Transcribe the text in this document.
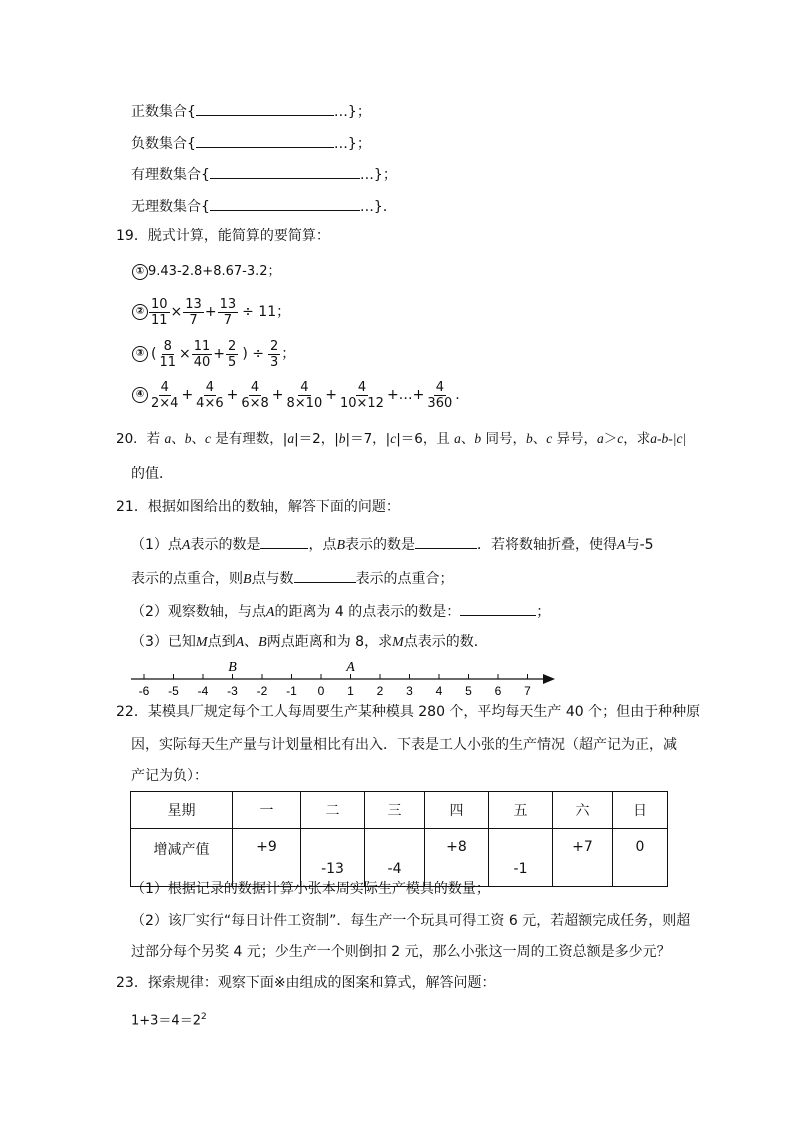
正数集合{	…}；
负数集合{	…}；
有理数集合{	…}；
无理数集合{	…}．
19．脱式计算，能简算的要简算：
① 9.43-2.8+8.67-3.2；
② $\frac{10}{11} \times \frac{13}{7} + \frac{13}{7} \div 11$；
③ ( $\frac{8}{11} \times \frac{11}{40} + \frac{2}{5}$ ) ÷ $\frac{2}{3}$ ；
④ $\frac{4}{2\times 4} + \frac{4}{4\times 6} + \frac{4}{6\times 8} + \frac{4}{8\times 10} + \frac{4}{10\times 12}$ +…+ $\frac{4}{360}$ .
20．若 a、b、c 是有理数，|a|＝2，|b|＝7，|c|＝6，且 a、b 同号，b、c 异号，a＞c，求a-b-|c|
的值．
21．根据如图给出的数轴，解答下面的问题：
（1）点A表示的数是	，点B表示的数是	．若将数轴折叠，使得A与-5
表示的点重合，则B点与数	表示的点重合；
（2）观察数轴，与点A的距离为 4 的点表示的数是：	；
（3）已知M点到A、B两点距离和为 8，求M点表示的数．
-6 -5 -4 -3 -2 -1 0 1 2 3 4 5 6 7
B	A
22．某模具厂规定每个工人每周要生产某种模具 280 个，平均每天生产 40 个；但由于种种原
因，实际每天生产量与计划量相比有出入．下表是工人小张的生产情况（超产记为正，减
产记为负）：
星期	一	二	三	四	五	六	日
增减产值	+9	-13	-4	+8	-1	+7	0
（1）根据记录的数据计算小张本周实际生产模具的数量；
（2）该厂实行“每日计件工资制”．每生产一个玩具可得工资 6 元，若超额完成任务，则超
过部分每个另奖 4 元；少生产一个则倒扣 2 元，那么小张这一周的工资总额是多少元？
23．探索规律：观察下面※由组成的图案和算式，解答问题：
$1+3=4=2^2$
